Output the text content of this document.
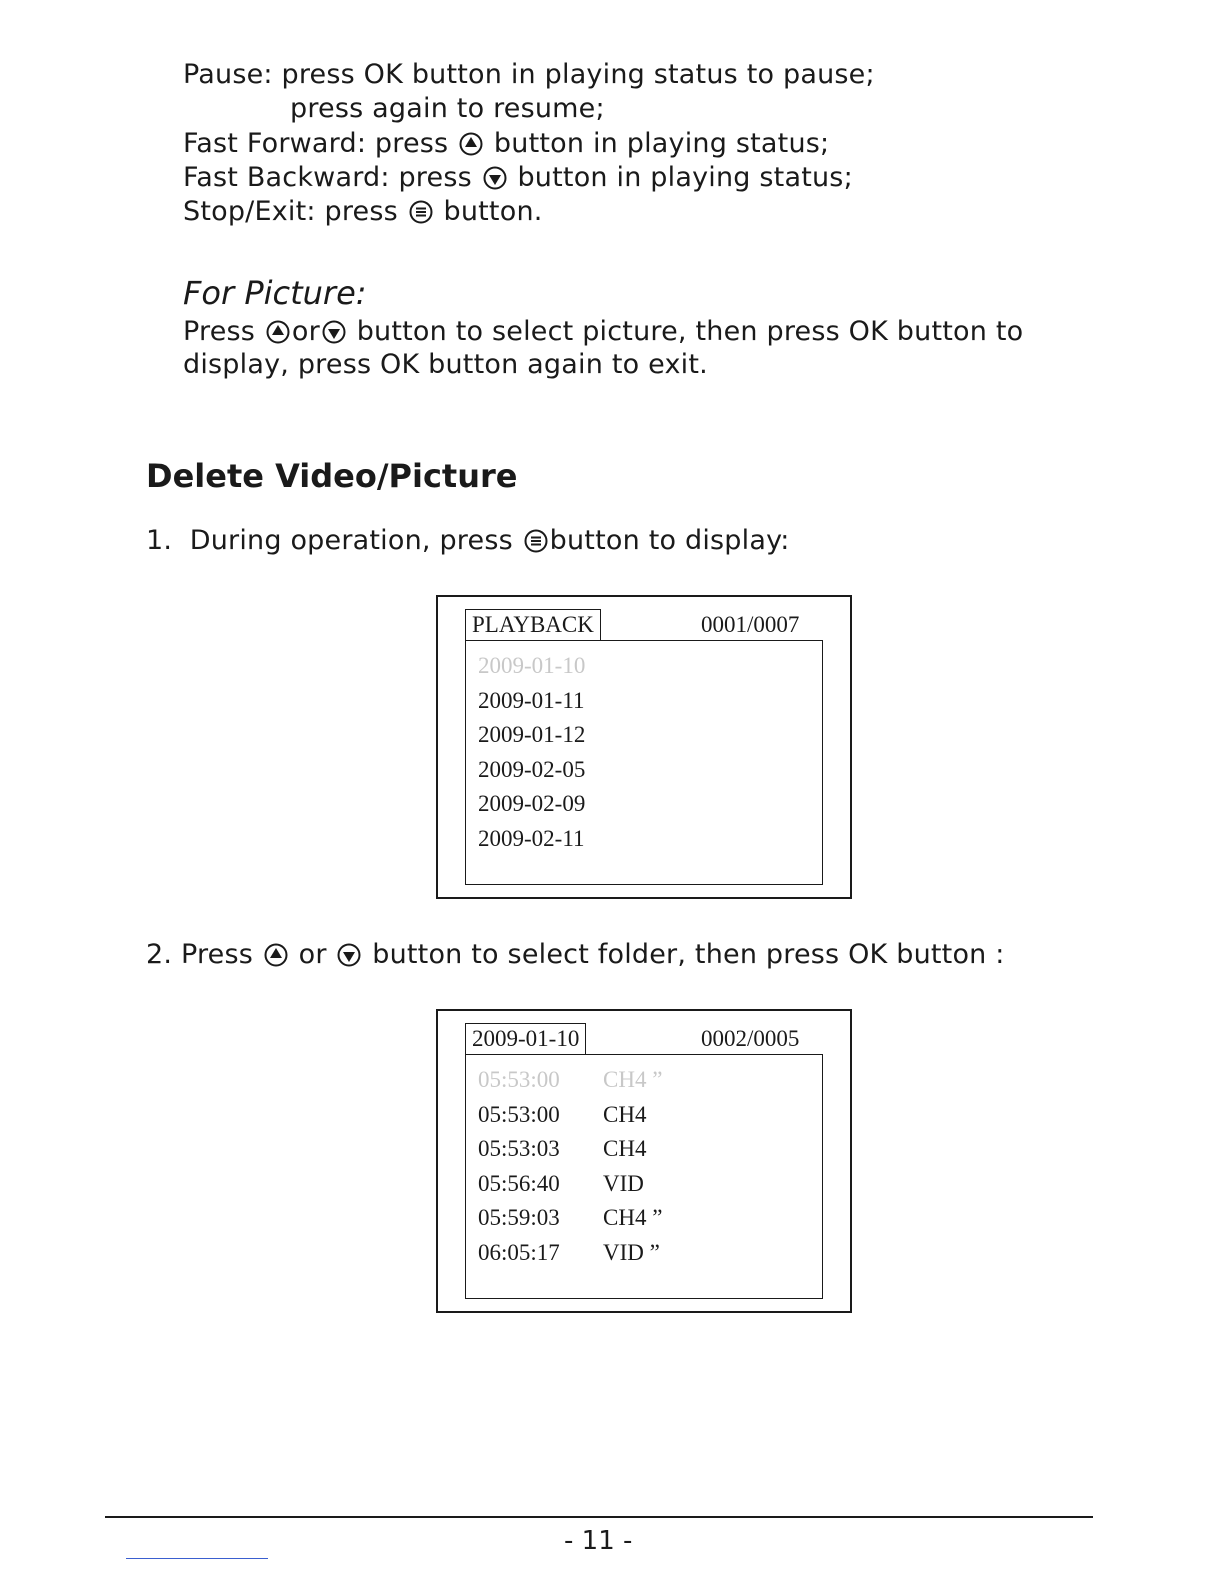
Pause: press OK button in playing status to pause;
press again to resume;
Fast Forward: press button in playing status;
Fast Backward: press button in playing status;
Stop/Exit: press button.
For Picture:
Press or button to select picture, then press OK button to
display, press OK button again to exit.
Delete Video/Picture
1.  During operation, press button to display:
PLAYBACK	0001/0007
2009-01-10
2009-01-11
2009-01-12
2009-02-05
2009-02-09
2009-02-11
2. Press or button to select folder, then press OK button :
2009-01-10	0002/0005
05:53:00	CH4 ”
05:53:00	CH4
05:53:03	CH4
05:56:40	VID
05:59:03	CH4 ”
06:05:17	VID ”
- 11 -
